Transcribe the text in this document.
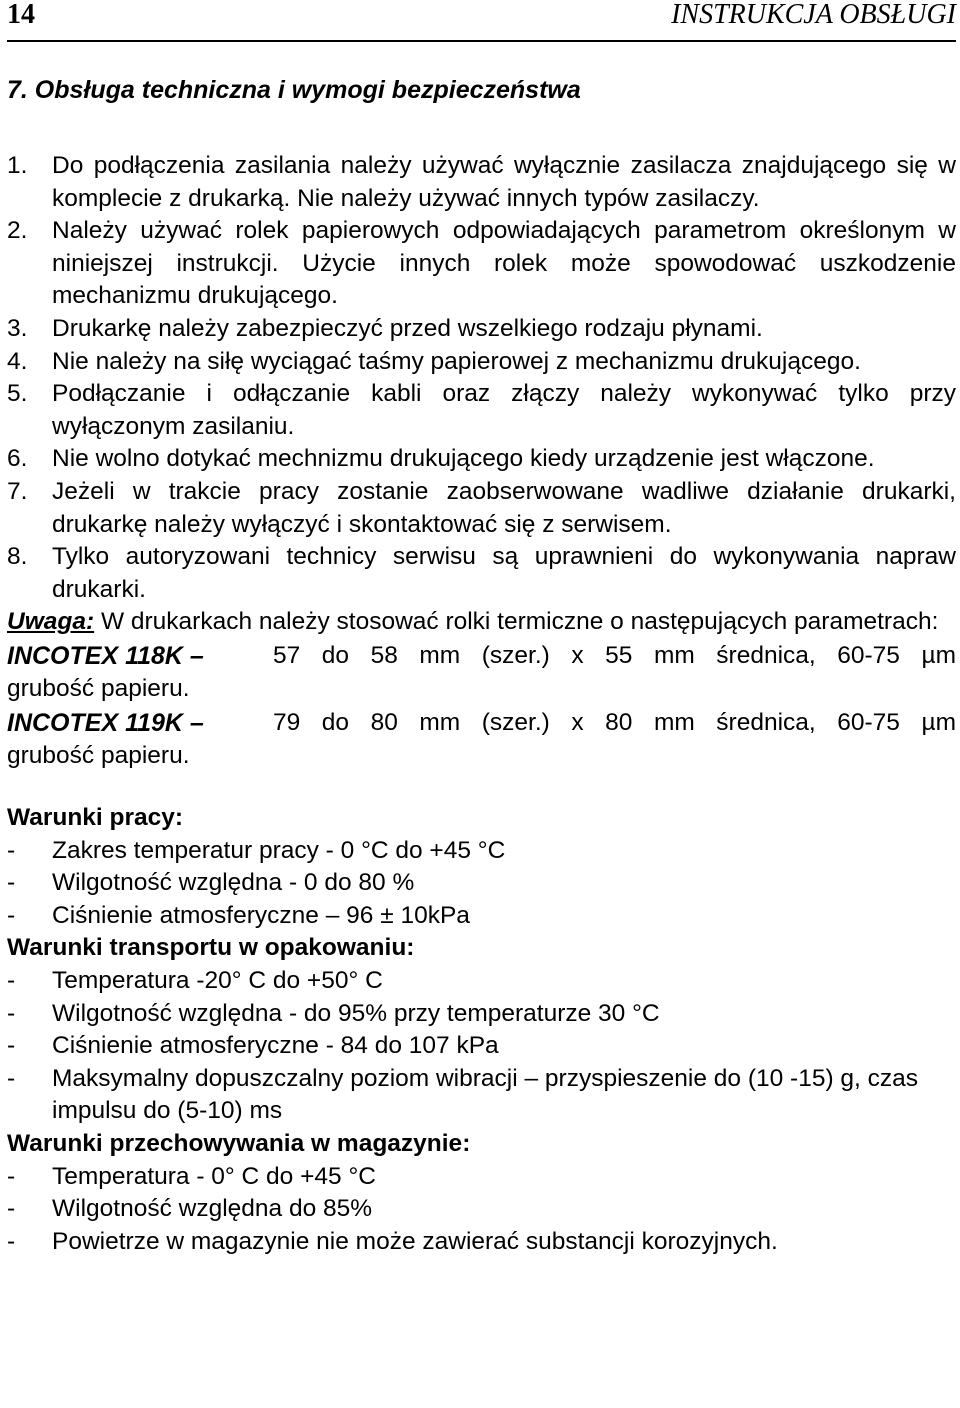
14	INSTRUKCJA OBSŁUGI
7. Obsługa techniczna i wymogi bezpieczeństwa
1.	Do podłączenia zasilania należy używać wyłącznie zasilacza znajdującego się w komplecie z drukarką. Nie należy używać innych typów zasilaczy.
2.	Należy używać rolek papierowych odpowiadających parametrom określonym w niniejszej instrukcji. Użycie innych rolek może spowodować uszkodzenie mechanizmu drukującego.
3.	Drukarkę należy zabezpieczyć przed wszelkiego rodzaju płynami.
4.	Nie należy na siłę wyciągać taśmy papierowej z mechanizmu drukującego.
5.	Podłączanie i odłączanie kabli oraz złączy należy wykonywać tylko przy wyłączonym zasilaniu.
6.	Nie wolno dotykać mechnizmu drukującego kiedy urządzenie jest włączone.
7.	Jeżeli w trakcie pracy zostanie zaobserwowane wadliwe działanie drukarki, drukarkę należy wyłączyć i skontaktować się z serwisem.
8.	Tylko autoryzowani technicy serwisu są uprawnieni do wykonywania napraw drukarki.
Uwaga: W drukarkach należy stosować rolki termiczne o następujących parametrach:
INCOTEX 118K –	57 do 58 mm (szer.) x 55 mm średnica, 60-75 µm
grubość papieru.
INCOTEX 119K –	79 do 80 mm (szer.) x 80 mm średnica, 60-75 µm
grubość papieru.
Warunki pracy:
-	Zakres temperatur pracy - 0 °C do +45 °C
-	Wilgotność względna - 0 do 80 %
-	Ciśnienie atmosferyczne – 96 ± 10kPa
Warunki transportu w opakowaniu:
-	Temperatura -20° C do +50° C
-	Wilgotność względna - do 95% przy temperaturze 30 °C
-	Ciśnienie atmosferyczne - 84 do 107 kPa
-	Maksymalny dopuszczalny poziom wibracji – przyspieszenie do (10 -15) g, czas impulsu do (5-10) ms
Warunki przechowywania w magazynie:
-	Temperatura - 0° C do +45 °C
-	Wilgotność względna do 85%
-	Powietrze w magazynie nie może zawierać substancji korozyjnych.
